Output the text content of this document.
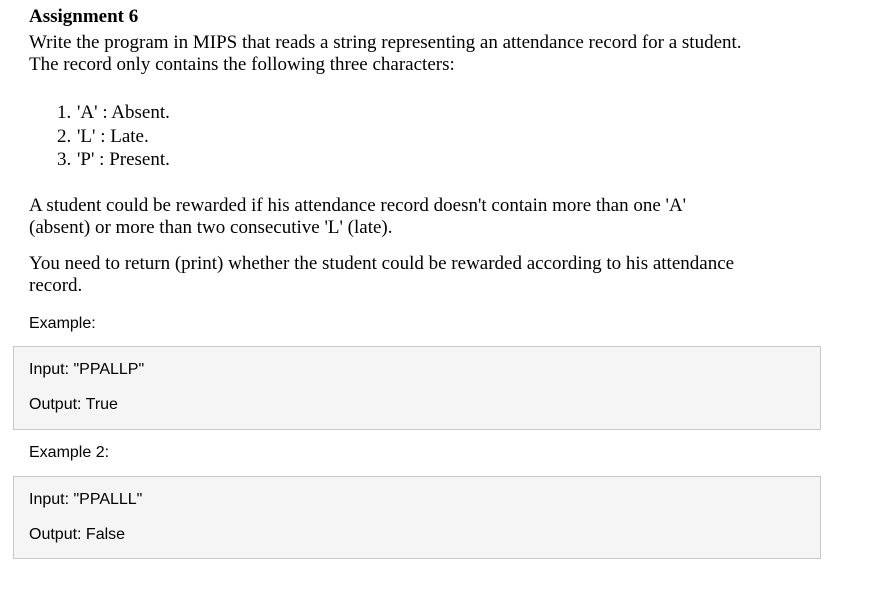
Assignment 6
Write the program in MIPS that reads a string representing an attendance record for a student.
The record only contains the following three characters:
1. 'A' : Absent.
2. 'L' : Late.
3. 'P' : Present.
A student could be rewarded if his attendance record doesn't contain more than one 'A'
(absent) or more than two consecutive 'L' (late).
You need to return (print) whether the student could be rewarded according to his attendance
record.
Example:
Input: "PPALLP"
Output: True
Example 2:
Input: "PPALLL"
Output: False
